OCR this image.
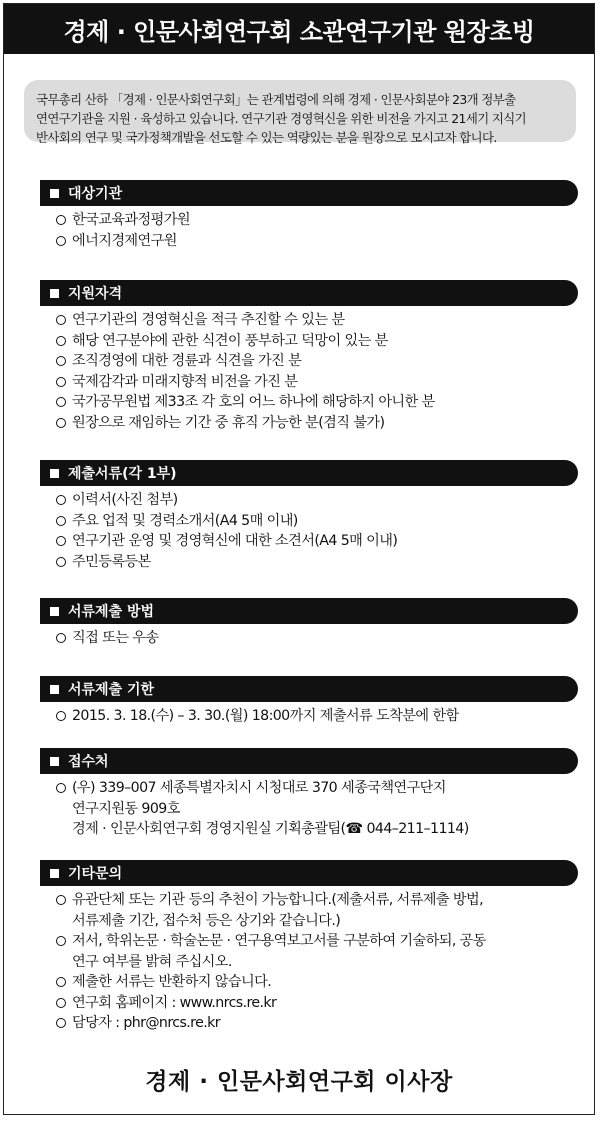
경제 · 인문사회연구회 소관연구기관 원장초빙

국무총리 산하 「경제 · 인문사회연구회」는 관계법령에 의해 경제 · 인문사회분야 23개 정부출

연연구기관을 지원 · 육성하고 있습니다. 연구기관 경영혁신을 위한 비전을 가지고 21세기 지식기

반사회의 연구 및 국가정책개발을 선도할 수 있는 역량있는 분을 원장으로 모시고자 합니다.

대상기관
한국교육과정평가원
에너지경제연구원
지원자격
연구기관의 경영혁신을 적극 추진할 수 있는 분
해당 연구분야에 관한 식견이 풍부하고 덕망이 있는 분
조직경영에 대한 경륜과 식견을 가진 분
국제감각과 미래지향적 비전을 가진 분
국가공무원법 제33조 각 호의 어느 하나에 해당하지 아니한 분
원장으로 재임하는 기간 중 휴직 가능한 분(겸직 불가)
제출서류(각 1부)
이력서(사진 첨부)
주요 업적 및 경력소개서(A4 5매 이내)
연구기관 운영 및 경영혁신에 대한 소견서(A4 5매 이내)
주민등록등본
서류제출 방법
직접 또는 우송
서류제출 기한
2015. 3. 18.(수) – 3. 30.(월) 18:00까지 제출서류 도착분에 한함
접수처
(우) 339–007 세종특별자치시 시청대로 370 세종국책연구단지
연구지원동 909호
경제 · 인문사회연구회 경영지원실 기획총괄팀(☎ 044–211–1114)
기타문의
유관단체 또는 기관 등의 추천이 가능합니다.(제출서류, 서류제출 방법,
서류제출 기간, 접수처 등은 상기와 같습니다.)
저서, 학위논문 · 학술논문 · 연구용역보고서를 구분하여 기술하되, 공동
연구 여부를 밝혀 주십시오.
제출한 서류는 반환하지 않습니다.
연구회 홈페이지 : www.nrcs.re.kr
담당자 : phr@nrcs.re.kr
경제 · 인문사회연구회 이사장
